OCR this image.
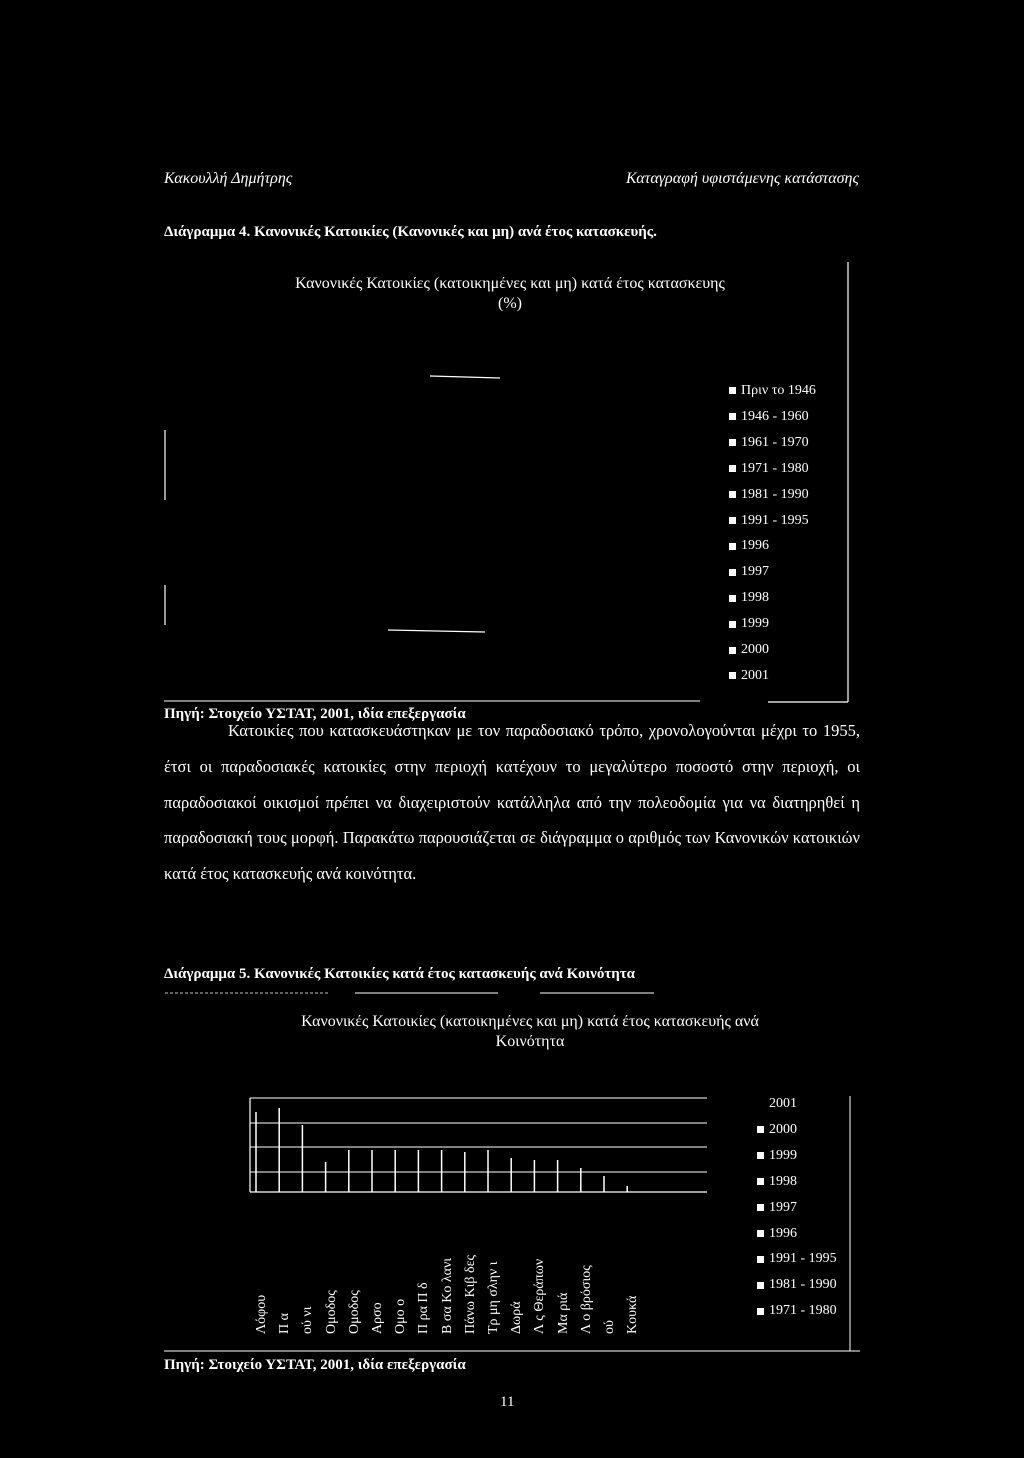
Κακουλλή Δημήτρης	Καταγραφή υφιστάμενης κατάστασης
Διάγραμμα 4. Κανονικές Κατοικίες (Κανονικές και μη) ανά έτος κατασκευής.
Κανονικές Κατοικίες (κατοικημένες και μη) κατά έτος κατασκευης
(%)
Πριν το 1946
1946 - 1960
1961 - 1970
1971 - 1980
1981 - 1990
1991 - 1995
1996
1997
1998
1999
2000
2001
Πηγή: Στοιχείο ΥΣΤΑΤ, 2001, ιδία επεξεργασία

Κατοικίες που κατασκευάστηκαν με τον παραδοσιακό τρόπο, χρονολογούνται μέχρι το 1955, έτσι οι παραδοσιακές κατοικίες στην περιοχή κατέχουν το μεγαλύτερο ποσοστό στην περιοχή, οι παραδοσιακοί οικισμοί πρέπει να διαχειριστούν κατάλληλα από την πολεοδομία για να διατηρηθεί η παραδοσιακή τους μορφή. Παρακάτω παρουσιάζεται σε διάγραμμα ο αριθμός των Κανονικών κατοικιών κατά έτος κατασκευής ανά κοινότητα.

Διάγραμμα 5. Κανονικές Κατοικίες κατά έτος κατασκευής ανά Κοινότητα
Κανονικές Κατοικίες (κατοικημένες και μη) κατά έτος κατασκευής ανά
Κοινότητα
2001
2000
1999
1998
1997
1996
1991 - 1995
1981 - 1990
1971 - 1980
Λόφου Π α ού νι Ομοδος Ομοδος Αρσο Ομο ο Π ρα Π δ Β σα Κο λανι Πάνω Κιβ δες Τρ μη σλην ι Δωρά Λ ς Θεράπων Μα ριά Λ ο βρόσιος ού Κουκά
Πηγή: Στοιχείο ΥΣΤΑΤ, 2001, ιδία επεξεργασία
11
